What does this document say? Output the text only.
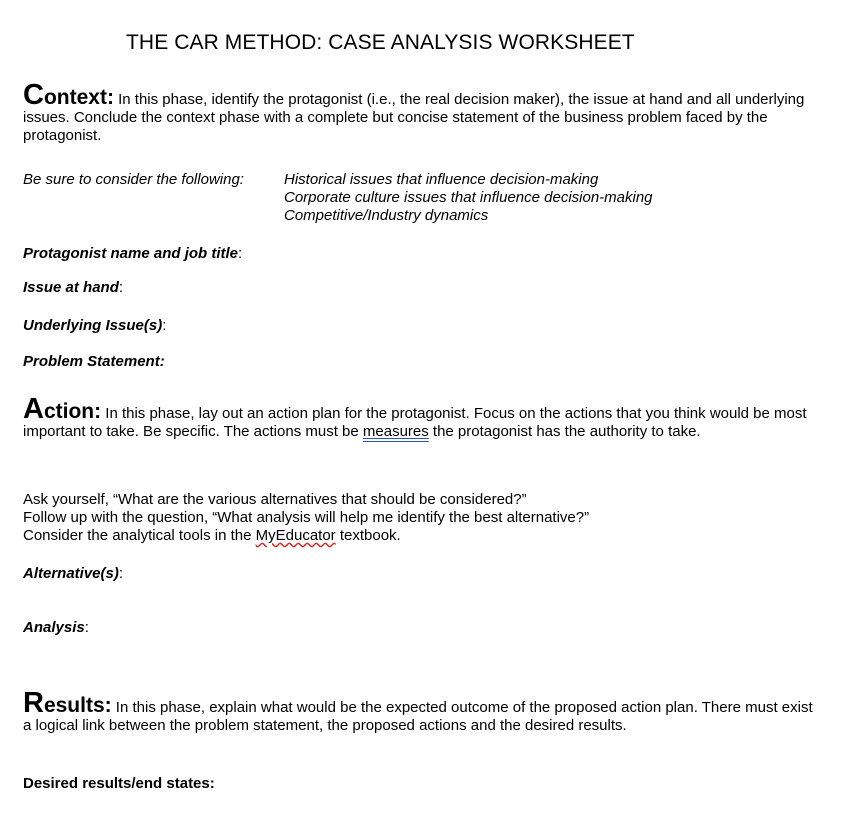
THE CAR METHOD: CASE ANALYSIS WORKSHEET
Context: In this phase, identify the protagonist (i.e., the real decision maker), the issue at hand and all underlying issues. Conclude the context phase with a complete but concise statement of the business problem faced by the protagonist.
Be sure to consider the following:	Historical issues that influence decision-making
Corporate culture issues that influence decision-making
Competitive/Industry dynamics
Protagonist name and job title:
Issue at hand:
Underlying Issue(s):
Problem Statement:
Action: In this phase, lay out an action plan for the protagonist. Focus on the actions that you think would be most important to take. Be specific. The actions must be measures the protagonist has the authority to take.
Ask yourself, “What are the various alternatives that should be considered?”
Follow up with the question, “What analysis will help me identify the best alternative?”
Consider the analytical tools in the MyEducator textbook.
Alternative(s):
Analysis:
Results: In this phase, explain what would be the expected outcome of the proposed action plan. There must exist a logical link between the problem statement, the proposed actions and the desired results.
Desired results/end states:
